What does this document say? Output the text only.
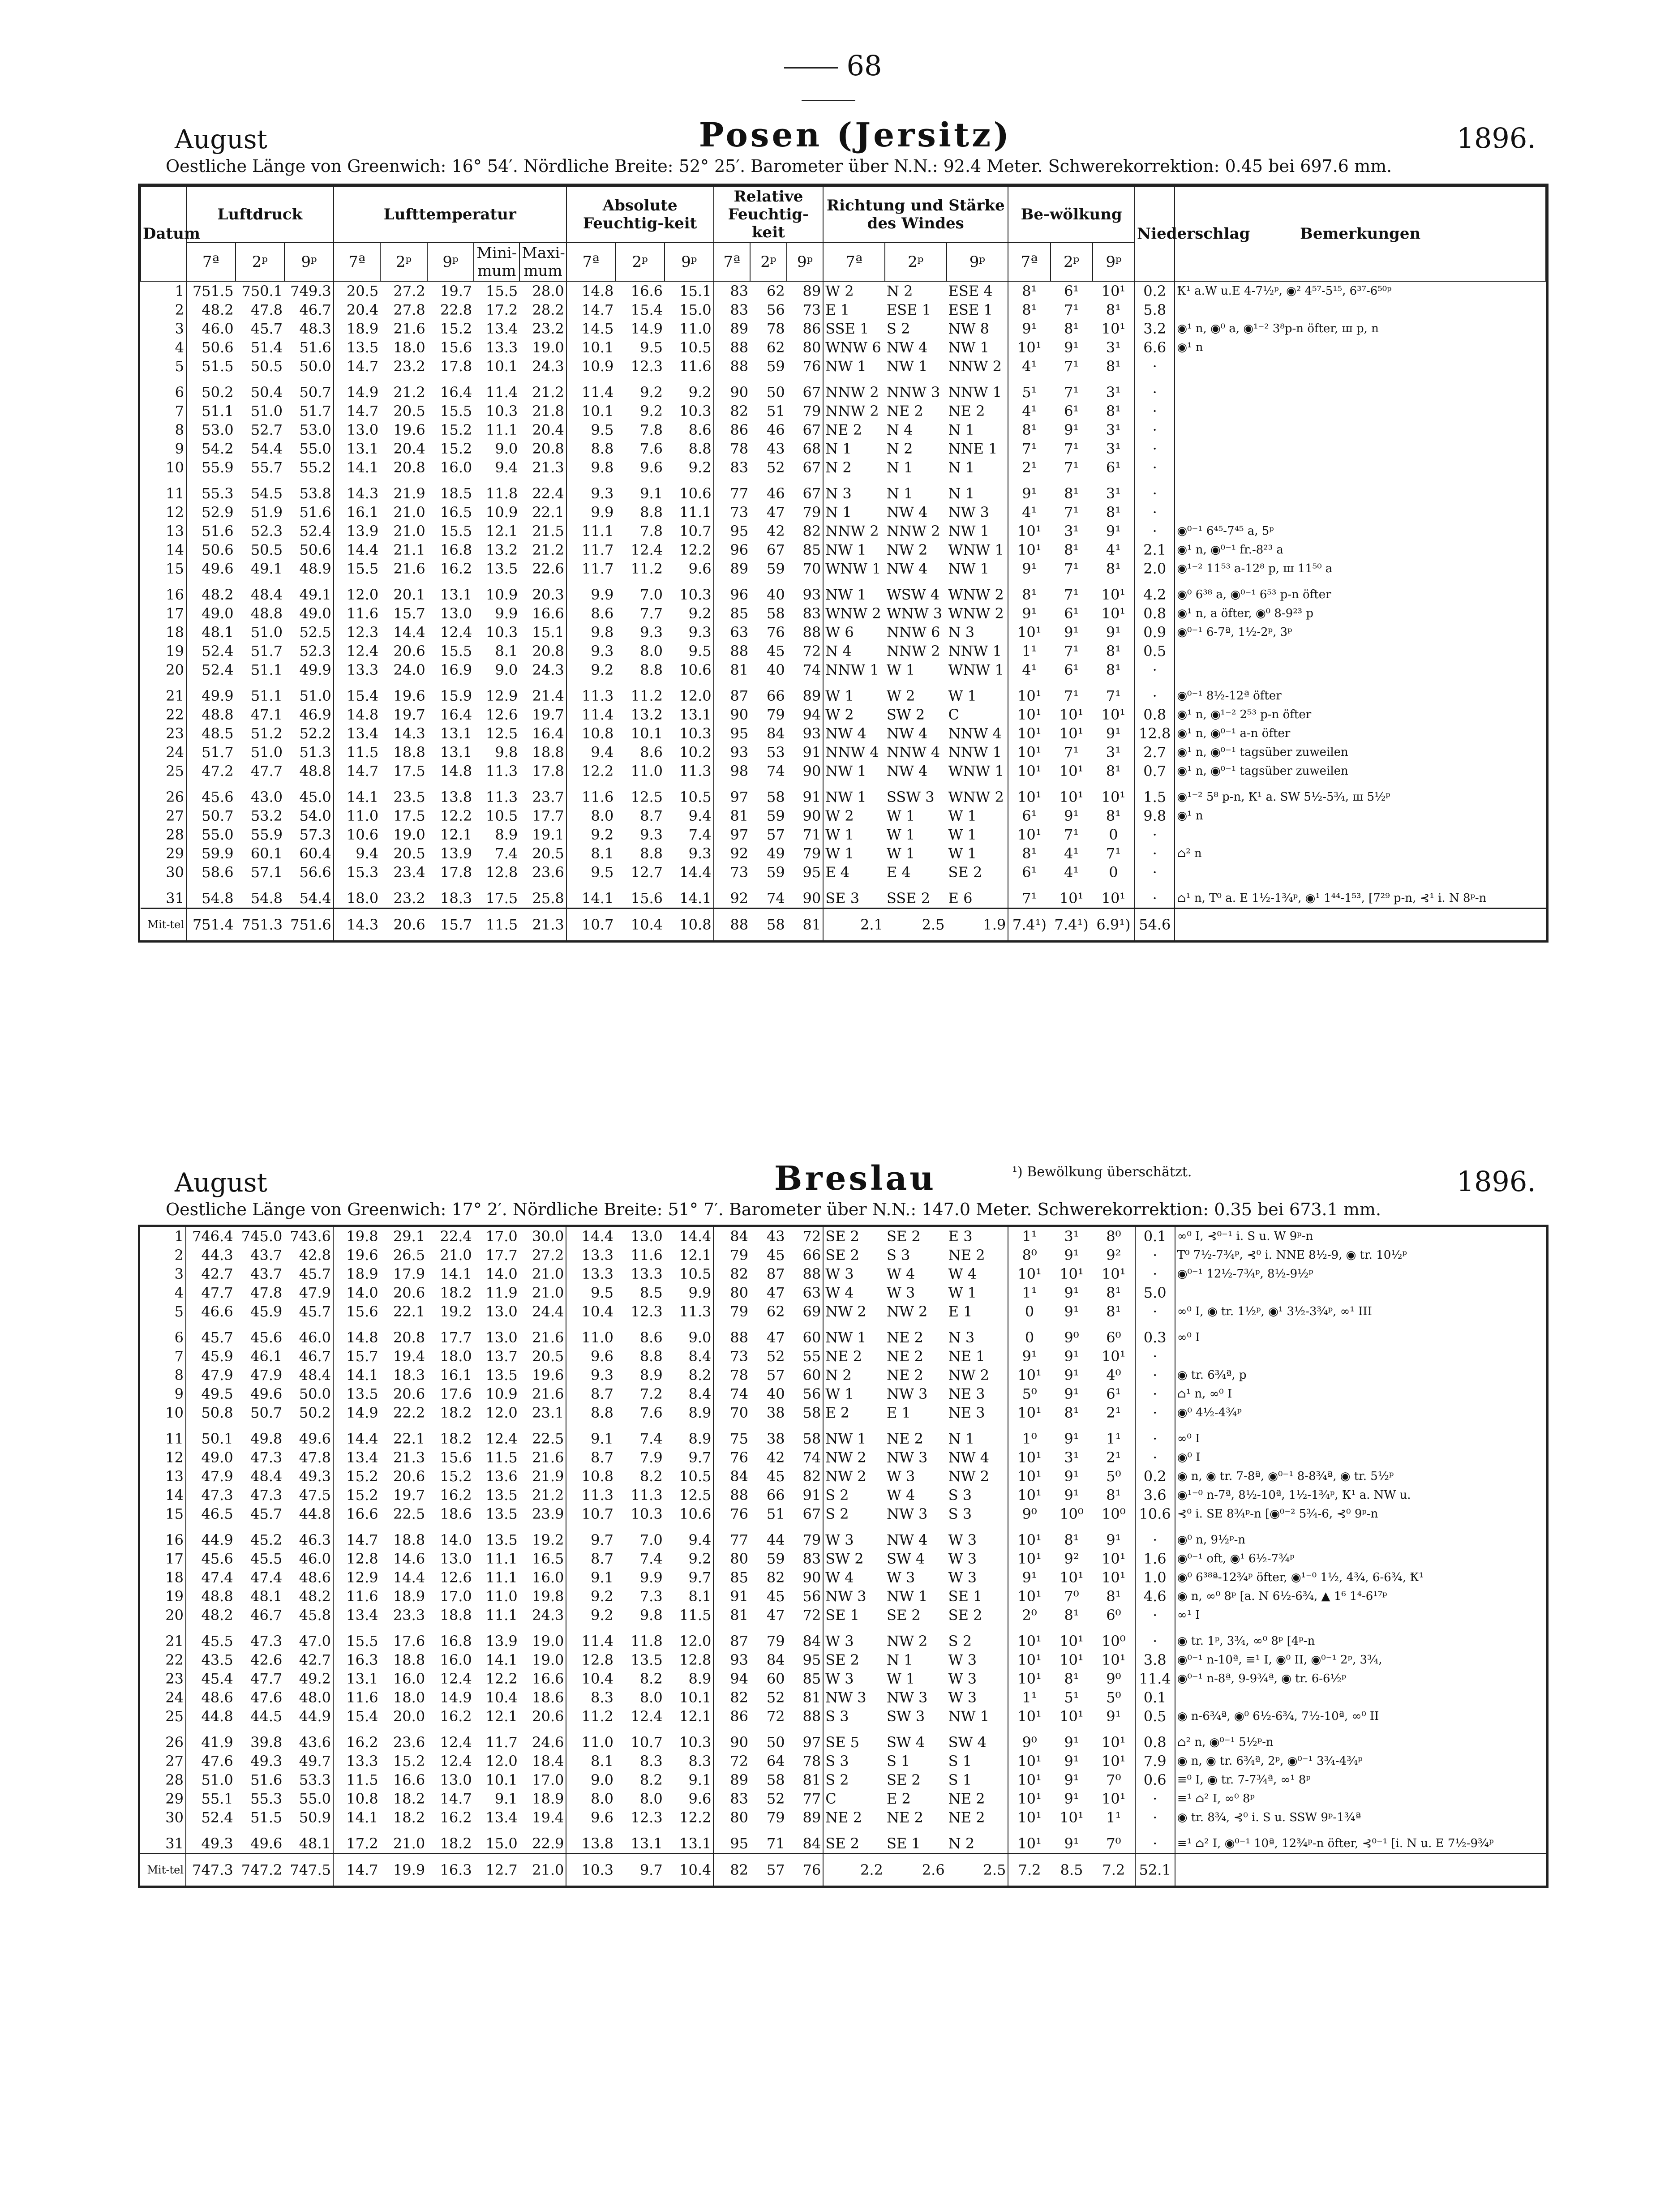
68
August	Posen (Jersitz)	1896.
Oestliche Länge von Greenwich: 16° 54′. Nördliche Breite: 52° 25′. Barometer über N.N.: 92.4 Meter. Schwerekorrektion: 0.45 bei 697.6 mm.
Datum	Luftdruck			Lufttemperatur					Absolute Feuchtig-keit			Relative Feuchtig-keit			Richtung und Stärke des Windes			Be-wölkung			Niederschlag	Bemerkungen
	7ª	2ᵖ	9ᵖ	7ª	2ᵖ	9ᵖ	Mini-mum	Maxi-mum	7ª	2ᵖ	9ᵖ	7ª	2ᵖ	9ᵖ	7ª	2ᵖ	9ᵖ	7ª	2ᵖ	9ᵖ		
1	751.5	750.1	749.3	20.5	27.2	19.7	15.5	28.0	14.8	16.6	15.1	83	62	89	W 2	N 2	ESE 4	8¹	6¹	10¹	0.2	Ꝁ¹ a.W u.E 4-7½ᵖ, ◉² 4⁵⁷-5¹⁵, 6³⁷-6⁵⁰ᵖ
2	48.2	47.8	46.7	20.4	27.8	22.8	17.2	28.2	14.7	15.4	15.0	83	56	73	E 1	ESE 1	ESE 1	8¹	7¹	8¹	5.8	
3	46.0	45.7	48.3	18.9	21.6	15.2	13.4	23.2	14.5	14.9	11.0	89	78	86	SSE 1	S 2	NW 8	9¹	8¹	10¹	3.2	◉¹ n, ◉⁰ a, ◉¹⁻² 3⁸p-n öfter, ш p, n
4	50.6	51.4	51.6	13.5	18.0	15.6	13.3	19.0	10.1	9.5	10.5	88	62	80	WNW 6	NW 4	NW 1	10¹	9¹	3¹	6.6	◉¹ n
5	51.5	50.5	50.0	14.7	23.2	17.8	10.1	24.3	10.9	12.3	11.6	88	59	76	NW 1	NW 1	NNW 2	4¹	7¹	8¹	·	
6	50.2	50.4	50.7	14.9	21.2	16.4	11.4	21.2	11.4	9.2	9.2	90	50	67	NNW 2	NNW 3	NNW 1	5¹	7¹	3¹	·	
7	51.1	51.0	51.7	14.7	20.5	15.5	10.3	21.8	10.1	9.2	10.3	82	51	79	NNW 2	NE 2	NE 2	4¹	6¹	8¹	·	
8	53.0	52.7	53.0	13.0	19.6	15.2	11.1	20.4	9.5	7.8	8.6	86	46	67	NE 2	N 4	N 1	8¹	9¹	3¹	·	
9	54.2	54.4	55.0	13.1	20.4	15.2	9.0	20.8	8.8	7.6	8.8	78	43	68	N 1	N 2	NNE 1	7¹	7¹	3¹	·	
10	55.9	55.7	55.2	14.1	20.8	16.0	9.4	21.3	9.8	9.6	9.2	83	52	67	N 2	N 1	N 1	2¹	7¹	6¹	·	
11	55.3	54.5	53.8	14.3	21.9	18.5	11.8	22.4	9.3	9.1	10.6	77	46	67	N 3	N 1	N 1	9¹	8¹	3¹	·	
12	52.9	51.9	51.6	16.1	21.0	16.5	10.9	22.1	9.9	8.8	11.1	73	47	79	N 1	NW 4	NW 3	4¹	7¹	8¹	·	
13	51.6	52.3	52.4	13.9	21.0	15.5	12.1	21.5	11.1	7.8	10.7	95	42	82	NNW 2	NNW 2	NW 1	10¹	3¹	9¹	·	◉⁰⁻¹ 6⁴⁵-7⁴⁵ a, 5ᵖ
14	50.6	50.5	50.6	14.4	21.1	16.8	13.2	21.2	11.7	12.4	12.2	96	67	85	NW 1	NW 2	WNW 1	10¹	8¹	4¹	2.1	◉¹ n, ◉⁰⁻¹ fr.-8²³ a
15	49.6	49.1	48.9	15.5	21.6	16.2	13.5	22.6	11.7	11.2	9.6	89	59	70	WNW 1	NW 4	NW 1	9¹	7¹	8¹	2.0	◉¹⁻² 11⁵³ a-12⁸ p, ш 11⁵⁰ a
16	48.2	48.4	49.1	12.0	20.1	13.1	10.9	20.3	9.9	7.0	10.3	96	40	93	NW 1	WSW 4	WNW 2	8¹	7¹	10¹	4.2	◉⁰ 6³⁸ a, ◉⁰⁻¹ 6⁵³ p-n öfter
17	49.0	48.8	49.0	11.6	15.7	13.0	9.9	16.6	8.6	7.7	9.2	85	58	83	WNW 2	WNW 3	WNW 2	9¹	6¹	10¹	0.8	◉¹ n, a öfter, ◉⁰ 8-9²³ p
18	48.1	51.0	52.5	12.3	14.4	12.4	10.3	15.1	9.8	9.3	9.3	63	76	88	W 6	NNW 6	N 3	10¹	9¹	9¹	0.9	◉⁰⁻¹ 6-7ª, 1½-2ᵖ, 3ᵖ
19	52.4	51.7	52.3	12.4	20.6	15.5	8.1	20.8	9.3	8.0	9.5	88	45	72	N 4	NNW 2	NNW 1	1¹	7¹	8¹	0.5	
20	52.4	51.1	49.9	13.3	24.0	16.9	9.0	24.3	9.2	8.8	10.6	81	40	74	NNW 1	W 1	WNW 1	4¹	6¹	8¹	·	
21	49.9	51.1	51.0	15.4	19.6	15.9	12.9	21.4	11.3	11.2	12.0	87	66	89	W 1	W 2	W 1	10¹	7¹	7¹	·	◉⁰⁻¹ 8½-12ª öfter
22	48.8	47.1	46.9	14.8	19.7	16.4	12.6	19.7	11.4	13.2	13.1	90	79	94	W 2	SW 2	C	10¹	10¹	10¹	0.8	◉¹ n, ◉¹⁻² 2⁵³ p-n öfter
23	48.5	51.2	52.2	13.4	14.3	13.1	12.5	16.4	10.8	10.1	10.3	95	84	93	NW 4	NW 4	NNW 4	10¹	10¹	9¹	12.8	◉¹ n, ◉⁰⁻¹ a-n öfter
24	51.7	51.0	51.3	11.5	18.8	13.1	9.8	18.8	9.4	8.6	10.2	93	53	91	NNW 4	NNW 4	NNW 1	10¹	7¹	3¹	2.7	◉¹ n, ◉⁰⁻¹ tagsüber zuweilen
25	47.2	47.7	48.8	14.7	17.5	14.8	11.3	17.8	12.2	11.0	11.3	98	74	90	NW 1	NW 4	WNW 1	10¹	10¹	8¹	0.7	◉¹ n, ◉⁰⁻¹ tagsüber zuweilen
26	45.6	43.0	45.0	14.1	23.5	13.8	11.3	23.7	11.6	12.5	10.5	97	58	91	NW 1	SSW 3	WNW 2	10¹	10¹	10¹	1.5	◉¹⁻² 5⁸ p-n, Ꝁ¹ a. SW 5½-5¾, ш 5½ᵖ
27	50.7	53.2	54.0	11.0	17.5	12.2	10.5	17.7	8.0	8.7	9.4	81	59	90	W 2	W 1	W 1	6¹	9¹	8¹	9.8	◉¹ n
28	55.0	55.9	57.3	10.6	19.0	12.1	8.9	19.1	9.2	9.3	7.4	97	57	71	W 1	W 1	W 1	10¹	7¹	0	·	
29	59.9	60.1	60.4	9.4	20.5	13.9	7.4	20.5	8.1	8.8	9.3	92	49	79	W 1	W 1	W 1	8¹	4¹	7¹	·	⌂² n
30	58.6	57.1	56.6	15.3	23.4	17.8	12.8	23.6	9.5	12.7	14.4	73	59	95	E 4	E 4	SE 2	6¹	4¹	0	·	
31	54.8	54.8	54.4	18.0	23.2	18.3	17.5	25.8	14.1	15.6	14.1	92	74	90	SE 3	SSE 2	E 6	7¹	10¹	10¹	·	⌂¹ n, T⁰ a. E 1½-1¾ᵖ, ◉¹ 1⁴⁴-1⁵³, [7²⁹ p-n, ⊰¹ i. N 8ᵖ-n
Mit-tel	751.4	751.3	751.6	14.3	20.6	15.7	11.5	21.3	10.7	10.4	10.8	88	58	81	2.1	2.5	1.9	7.4¹)	7.4¹)	6.9¹)	54.6	
¹) Bewölkung überschätzt.
August	Breslau	1896.
Oestliche Länge von Greenwich: 17° 2′. Nördliche Breite: 51° 7′. Barometer über N.N.: 147.0 Meter. Schwerekorrektion: 0.35 bei 673.1 mm.
1	746.4	745.0	743.6	19.8	29.1	22.4	17.0	30.0	14.4	13.0	14.4	84	43	72	SE 2	SE 2	E 3	1¹	3¹	8⁰	0.1	∞⁰ I, ⊰⁰⁻¹ i. S u. W 9ᵖ-n
2	44.3	43.7	42.8	19.6	26.5	21.0	17.7	27.2	13.3	11.6	12.1	79	45	66	SE 2	S 3	NE 2	8⁰	9¹	9²	·	T⁰ 7½-7¾ᵖ, ⊰⁰ i. NNE 8½-9, ◉ tr. 10½ᵖ
3	42.7	43.7	45.7	18.9	17.9	14.1	14.0	21.0	13.3	13.3	10.5	82	87	88	W 3	W 4	W 4	10¹	10¹	10¹	·	◉⁰⁻¹ 12½-7¾ᵖ, 8½-9½ᵖ
4	47.7	47.8	47.9	14.0	20.6	18.2	11.9	21.0	9.5	8.5	9.9	80	47	63	W 4	W 3	W 1	1¹	9¹	8¹	5.0	
5	46.6	45.9	45.7	15.6	22.1	19.2	13.0	24.4	10.4	12.3	11.3	79	62	69	NW 2	NW 2	E 1	0	9¹	8¹	·	∞⁰ I, ◉ tr. 1½ᵖ, ◉¹ 3½-3¾ᵖ, ∞¹ III
6	45.7	45.6	46.0	14.8	20.8	17.7	13.0	21.6	11.0	8.6	9.0	88	47	60	NW 1	NE 2	N 3	0	9⁰	6⁰	0.3	∞⁰ I
7	45.9	46.1	46.7	15.7	19.4	18.0	13.7	20.5	9.6	8.8	8.4	73	52	55	NE 2	NE 2	NE 1	9¹	9¹	10¹	·	
8	47.9	47.9	48.4	14.1	18.3	16.1	13.5	19.6	9.3	8.9	8.2	78	57	60	N 2	NE 2	NW 2	10¹	9¹	4⁰	·	◉ tr. 6¾ª, p
9	49.5	49.6	50.0	13.5	20.6	17.6	10.9	21.6	8.7	7.2	8.4	74	40	56	W 1	NW 3	NE 3	5⁰	9¹	6¹	·	⌂¹ n, ∞⁰ I
10	50.8	50.7	50.2	14.9	22.2	18.2	12.0	23.1	8.8	7.6	8.9	70	38	58	E 2	E 1	NE 3	10¹	8¹	2¹	·	◉⁰ 4½-4¾ᵖ
11	50.1	49.8	49.6	14.4	22.1	18.2	12.4	22.5	9.1	7.4	8.9	75	38	58	NW 1	NE 2	N 1	1⁰	9¹	1¹	·	∞⁰ I
12	49.0	47.3	47.8	13.4	21.3	15.6	11.5	21.6	8.7	7.9	9.7	76	42	74	NW 2	NW 3	NW 4	10¹	3¹	2¹	·	◉⁰ I
13	47.9	48.4	49.3	15.2	20.6	15.2	13.6	21.9	10.8	8.2	10.5	84	45	82	NW 2	W 3	NW 2	10¹	9¹	5⁰	0.2	◉ n, ◉ tr. 7-8ª, ◉⁰⁻¹ 8-8¾ª, ◉ tr. 5½ᵖ
14	47.3	47.3	47.5	15.2	19.7	16.2	13.5	21.2	11.3	11.3	12.5	88	66	91	S 2	W 4	S 3	10¹	9¹	8¹	3.6	◉¹⁻⁰ n-7ª, 8½-10ª, 1½-1¾ᵖ, Ꝁ¹ a. NW u.
15	46.5	45.7	44.8	16.6	22.5	18.6	13.5	23.9	10.7	10.3	10.6	76	51	67	S 2	NW 3	S 3	9⁰	10⁰	10⁰	10.6	⊰⁰ i. SE 8¾ᵖ-n [◉⁰⁻² 5¾-6, ⊰⁰ 9ᵖ-n
16	44.9	45.2	46.3	14.7	18.8	14.0	13.5	19.2	9.7	7.0	9.4	77	44	79	W 3	NW 4	W 3	10¹	8¹	9¹	·	◉⁰ n, 9½ᵖ-n
17	45.6	45.5	46.0	12.8	14.6	13.0	11.1	16.5	8.7	7.4	9.2	80	59	83	SW 2	SW 4	W 3	10¹	9²	10¹	1.6	◉⁰⁻¹ oft, ◉¹ 6½-7¾ᵖ
18	47.4	47.4	48.6	12.9	14.4	12.6	11.1	16.0	9.1	9.9	9.7	85	82	90	W 4	W 3	W 3	9¹	10¹	10¹	1.0	◉⁰ 6³⁸ª-12¾ᵖ öfter, ◉¹⁻⁰ 1½, 4¾, 6-6¾, Ꝁ¹
19	48.8	48.1	48.2	11.6	18.9	17.0	11.0	19.8	9.2	7.3	8.1	91	45	56	NW 3	NW 1	SE 1	10¹	7⁰	8¹	4.6	◉ n, ∞⁰ 8ᵖ [a. N 6½-6¾, ▲ 1⁶ 1⁴-6¹⁷ᵖ
20	48.2	46.7	45.8	13.4	23.3	18.8	11.1	24.3	9.2	9.8	11.5	81	47	72	SE 1	SE 2	SE 2	2⁰	8¹	6⁰	·	∞¹ I
21	45.5	47.3	47.0	15.5	17.6	16.8	13.9	19.0	11.4	11.8	12.0	87	79	84	W 3	NW 2	S 2	10¹	10¹	10⁰	·	◉ tr. 1ᵖ, 3¾, ∞⁰ 8ᵖ [4ᵖ-n
22	43.5	42.6	42.7	16.3	18.8	16.0	14.1	19.0	12.8	13.5	12.8	93	84	95	SE 2	N 1	W 3	10¹	10¹	10¹	3.8	◉⁰⁻¹ n-10ª, ≡¹ I, ◉⁰ II, ◉⁰⁻¹ 2ᵖ, 3¾,
23	45.4	47.7	49.2	13.1	16.0	12.4	12.2	16.6	10.4	8.2	8.9	94	60	85	W 3	W 1	W 3	10¹	8¹	9⁰	11.4	◉⁰⁻¹ n-8ª, 9-9¾ª, ◉ tr. 6-6½ᵖ
24	48.6	47.6	48.0	11.6	18.0	14.9	10.4	18.6	8.3	8.0	10.1	82	52	81	NW 3	NW 3	W 3	1¹	5¹	5⁰	0.1	
25	44.8	44.5	44.9	15.4	20.0	16.2	12.1	20.6	11.2	12.4	12.1	86	72	88	S 3	SW 3	NW 1	10¹	10¹	9¹	0.5	◉ n-6¾ª, ◉⁰ 6½-6¾, 7½-10ª, ∞⁰ II
26	41.9	39.8	43.6	16.2	23.6	12.4	11.7	24.6	11.0	10.7	10.3	90	50	97	SE 5	SW 4	SW 4	9⁰	9¹	10¹	0.8	⌂² n, ◉⁰⁻¹ 5½ᵖ-n
27	47.6	49.3	49.7	13.3	15.2	12.4	12.0	18.4	8.1	8.3	8.3	72	64	78	S 3	S 1	S 1	10¹	9¹	10¹	7.9	◉ n, ◉ tr. 6¾ª, 2ᵖ, ◉⁰⁻¹ 3¾-4¾ᵖ
28	51.0	51.6	53.3	11.5	16.6	13.0	10.1	17.0	9.0	8.2	9.1	89	58	81	S 2	SE 2	S 1	10¹	9¹	7⁰	0.6	≡⁰ I, ◉ tr. 7-7¾ª, ∞¹ 8ᵖ
29	55.1	55.3	55.0	10.8	18.2	14.7	9.1	18.9	8.0	8.0	9.6	83	52	77	C	E 2	NE 2	10¹	9¹	10¹	·	≡¹ ⌂² I, ∞⁰ 8ᵖ
30	52.4	51.5	50.9	14.1	18.2	16.2	13.4	19.4	9.6	12.3	12.2	80	79	89	NE 2	NE 2	NE 2	10¹	10¹	1¹	·	◉ tr. 8¾, ⊰⁰ i. S u. SSW 9ᵖ-1¾ª
31	49.3	49.6	48.1	17.2	21.0	18.2	15.0	22.9	13.8	13.1	13.1	95	71	84	SE 2	SE 1	N 2	10¹	9¹	7⁰	·	≡¹ ⌂² I, ◉⁰⁻¹ 10ª, 12¾ᵖ-n öfter, ⊰⁰⁻¹ [i. N u. E 7½-9¾ᵖ
Mit-tel	747.3	747.2	747.5	14.7	19.9	16.3	12.7	21.0	10.3	9.7	10.4	82	57	76	2.2	2.6	2.5	7.2	8.5	7.2	52.1	
